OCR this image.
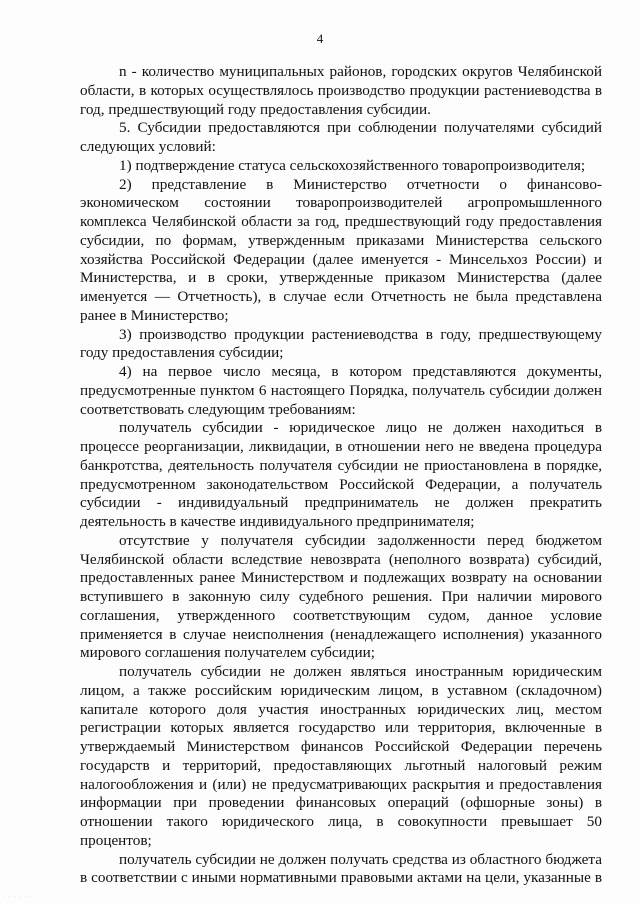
4

n - количество муниципальных районов, городских округов Челябинской области, в которых осуществлялось производство продукции растениеводства в год, предшествующий году предоставления субсидии.

5. Субсидии предоставляются при соблюдении получателями субсидий следующих условий:

1) подтверждение статуса сельскохозяйственного товаропроизводителя;

2) представление в Министерство отчетности о финансово-экономическом состоянии товаропроизводителей агропромышленного комплекса Челябинской области за год, предшествующий году предоставления субсидии, по формам, утвержденным приказами Министерства сельского хозяйства Российской Федерации (далее именуется - Минсельхоз России) и Министерства, и в сроки, утвержденные приказом Министерства (далее именуется — Отчетность), в случае если Отчетность не была представлена ранее в Министерство;

3) производство продукции растениеводства в году, предшествующему году предоставления субсидии;

4) на первое число месяца, в котором представляются документы, предусмотренные пунктом 6 настоящего Порядка, получатель субсидии должен соответствовать следующим требованиям:

получатель субсидии - юридическое лицо не должен находиться в процессе реорганизации, ликвидации, в отношении него не введена процедура банкротства, деятельность получателя субсидии не приостановлена в порядке, предусмотренном законодательством Российской Федерации, а получатель субсидии - индивидуальный предприниматель не должен прекратить деятельность в качестве индивидуального предпринимателя;

отсутствие у получателя субсидии задолженности перед бюджетом Челябинской области вследствие невозврата (неполного возврата) субсидий, предоставленных ранее Министерством и подлежащих возврату на основании вступившего в законную силу судебного решения. При наличии мирового соглашения, утвержденного соответствующим судом, данное условие применяется в случае неисполнения (ненадлежащего исполнения) указанного мирового соглашения получателем субсидии;

получатель субсидии не должен являться иностранным юридическим лицом, а также российским юридическим лицом, в уставном (складочном) капитале которого доля участия иностранных юридических лиц, местом регистрации которых является государство или территория, включенные в утверждаемый Министерством финансов Российской Федерации перечень государств и территорий, предоставляющих льготный налоговый режим налогообложения и (или) не предусматривающих раскрытия и предоставления информации при проведении финансовых операций (офшорные зоны) в отношении такого юридического лица, в совокупности превышает 50 процентов;

получатель субсидии не должен получать средства из областного бюджета в соответствии с иными нормативными правовыми актами на цели, указанные в

· · · · · ·
